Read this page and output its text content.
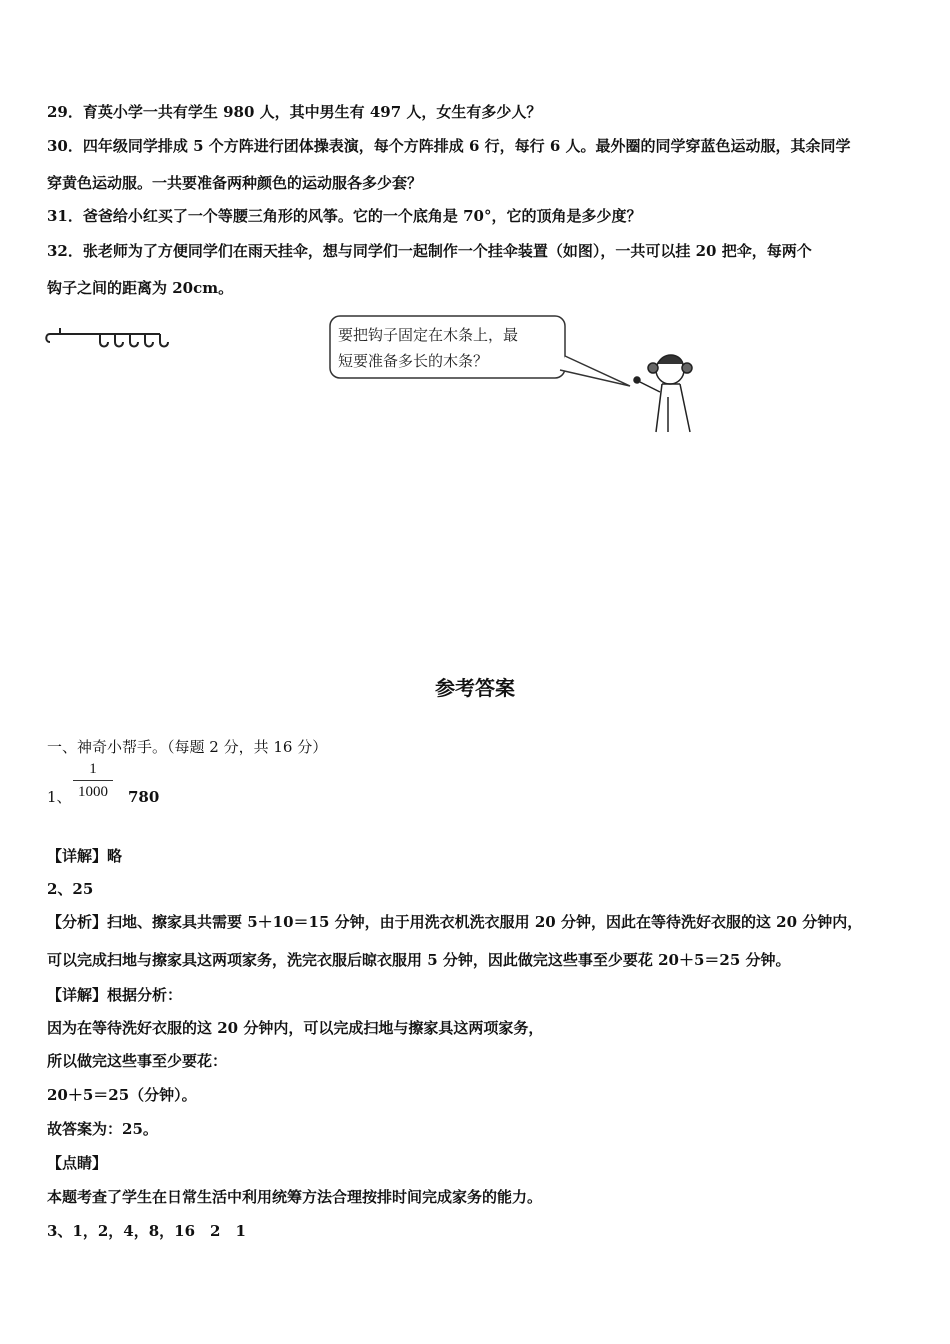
29．育英小学一共有学生 980 人，其中男生有 497 人，女生有多少人？
30．四年级同学排成 5 个方阵进行团体操表演，每个方阵排成 6 行，每行 6 人。最外圈的同学穿蓝色运动服，其余同学
穿黄色运动服。一共要准备两种颜色的运动服各多少套？
31．爸爸给小红买了一个等腰三角形的风筝。它的一个底角是 70°，它的顶角是多少度？
32．张老师为了方便同学们在雨天挂伞，想与同学们一起制作一个挂伞装置（如图），一共可以挂 20 把伞，每两个
钩子之间的距离为 20cm。
要把钩子固定在木条上，最
短要准备多长的木条？
参考答案
一、神奇小帮手。（每题 2 分，共 16 分）
1
1000
1、	780
【详解】略
2、25
【分析】扫地、擦家具共需要 5＋10＝15 分钟，由于用洗衣机洗衣服用 20 分钟，因此在等待洗好衣服的这 20 分钟内，
可以完成扫地与擦家具这两项家务，洗完衣服后晾衣服用 5 分钟，因此做完这些事至少要花 20＋5＝25 分钟。
【详解】根据分析：
因为在等待洗好衣服的这 20 分钟内，可以完成扫地与擦家具这两项家务，
所以做完这些事至少要花：
20＋5＝25（分钟）。
故答案为：25。
【点睛】
本题考查了学生在日常生活中利用统筹方法合理按排时间完成家务的能力。
3、1，2，4，8，16　2　1
